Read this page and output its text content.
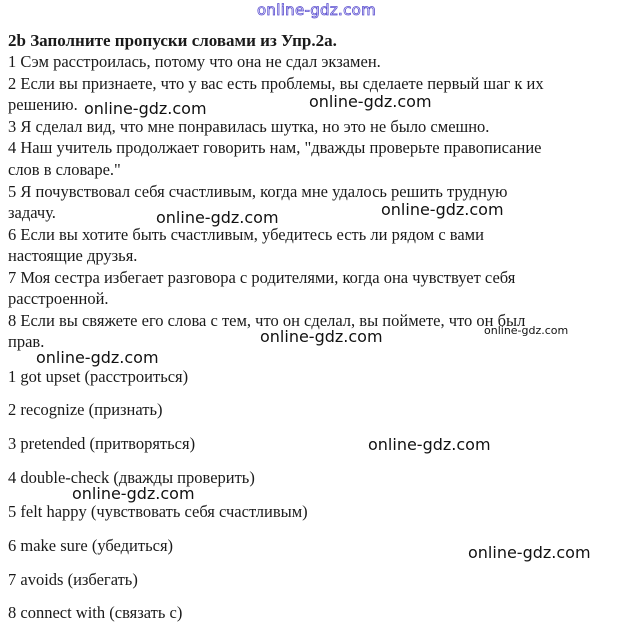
online-gdz.com
2b Заполните пропуски словами из Упр.2а.
1 Сэм расстроилась, потому что она не сдал экзамен.
2 Если вы признаете, что у вас есть проблемы, вы сделаете первый шаг к их
решению.
3 Я сделал вид, что мне понравилась шутка, но это не было смешно.
4 Наш учитель продолжает говорить нам, "дважды проверьте правописание
слов в словаре."
5 Я почувствовал себя счастливым, когда мне удалось решить трудную
задачу.
6 Если вы хотите быть счастливым, убедитесь есть ли рядом с вами
настоящие друзья.
7 Моя сестра избегает разговора с родителями, когда она чувствует себя
расстроенной.
8 Если вы свяжете его слова с тем, что он сделал, вы поймете, что он был
прав.
1 got upset (расстроиться)
2 recognize (признать)
3 pretended (притворяться)
4 double-check (дважды проверить)
5 felt happy (чувствовать себя счастливым)
6 make sure (убедиться)
7 avoids (избегать)
8 connect with (связать с)
online-gdz.com	online-gdz.com
online-gdz.com	online-gdz.com
online-gdz.com
online-gdz.com
online-gdz.com
online-gdz.com
online-gdz.com
online-gdz.com
